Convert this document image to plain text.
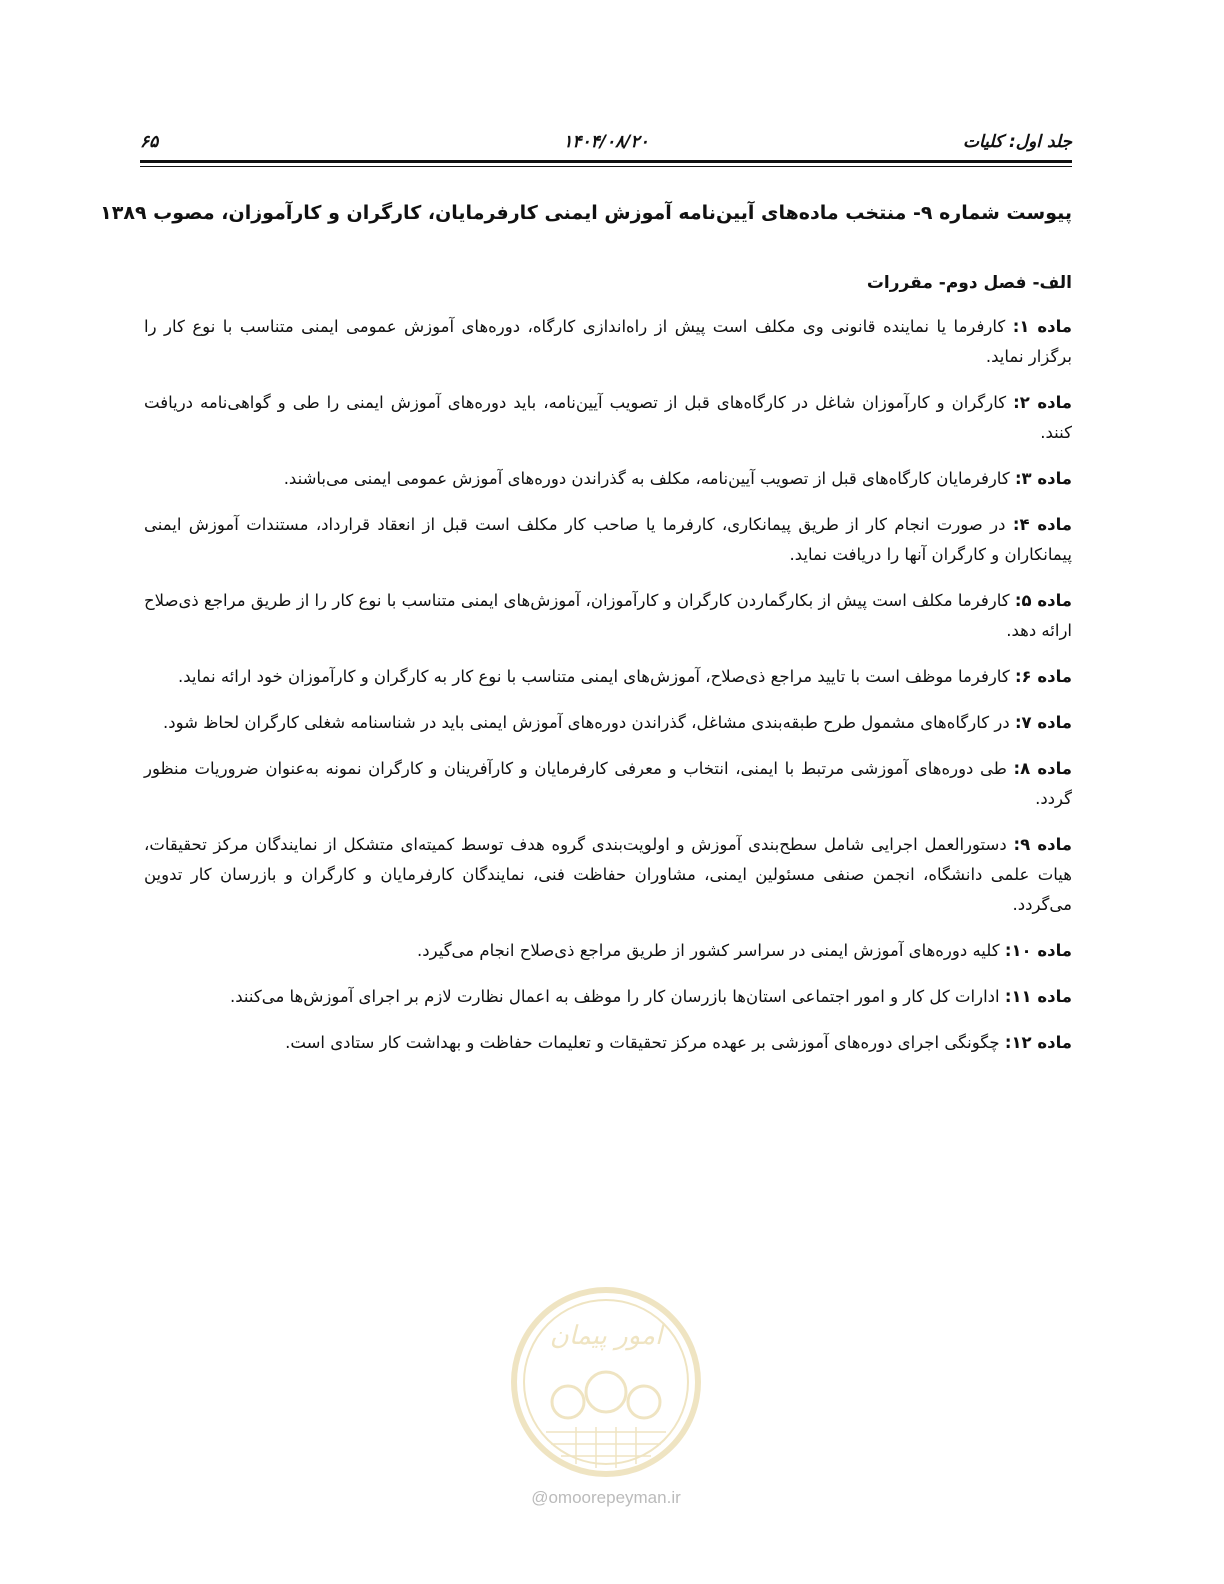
جلد اول: کلیات
۱۴۰۴/۰۸/۲۰
۶۵
پیوست شماره ۹- منتخب ماده‌های آیین‌نامه آموزش ایمنی کارفرمایان، کارگران و کارآموزان، مصوب ۱۳۸۹
الف- فصل دوم- مقررات
ماده ۱: کارفرما یا نماینده قانونی وی مکلف است پیش از راه‌اندازی کارگاه، دوره‌های آموزش عمومی ایمنی متناسب با نوع کار را برگزار نماید.
ماده ۲: کارگران و کارآموزان شاغل در کارگاه‌های قبل از تصویب آیین‌نامه، باید دوره‌های آموزش ایمنی را طی و گواهی‌نامه دریافت کنند.
ماده ۳: کارفرمایان کارگاه‌های قبل از تصویب آیین‌نامه، مکلف به گذراندن دوره‌های آموزش عمومی ایمنی می‌باشند.
ماده ۴: در صورت انجام کار از طریق پیمانکاری، کارفرما یا صاحب کار مکلف است قبل از انعقاد قرارداد، مستندات آموزش ایمنی پیمانکاران و کارگران آنها را دریافت نماید.
ماده ۵: کارفرما مکلف است پیش از بکارگماردن کارگران و کارآموزان، آموزش‌های ایمنی متناسب با نوع کار را از طریق مراجع ذی‌صلاح ارائه دهد.
ماده ۶: کارفرما موظف است با تایید مراجع ذی‌صلاح، آموزش‌های ایمنی متناسب با نوع کار به کارگران و کارآموزان خود ارائه نماید.
ماده ۷: در کارگاه‌های مشمول طرح طبقه‌بندی مشاغل، گذراندن دوره‌های آموزش ایمنی باید در شناسنامه شغلی کارگران لحاظ شود.
ماده ۸: طی دوره‌های آموزشی مرتبط با ایمنی، انتخاب و معرفی کارفرمایان و کارآفرینان و کارگران نمونه به‌عنوان ضروریات منظور گردد.
ماده ۹: دستورالعمل اجرایی شامل سطح‌بندی آموزش و اولویت‌بندی گروه هدف توسط کمیته‌ای متشکل از نمایندگان مرکز تحقیقات، هیات علمی دانشگاه، انجمن صنفی مسئولین ایمنی، مشاوران حفاظت فنی، نمایندگان کارفرمایان و کارگران و بازرسان کار تدوین می‌گردد.
ماده ۱۰: کلیه دوره‌های آموزش ایمنی در سراسر کشور از طریق مراجع ذی‌صلاح انجام می‌گیرد.
ماده ۱۱: ادارات کل کار و امور اجتماعی استان‌ها بازرسان کار را موظف به اعمال نظارت لازم بر اجرای آموزش‌ها می‌کنند.
ماده ۱۲: چگونگی اجرای دوره‌های آموزشی بر عهده مرکز تحقیقات و تعلیمات حفاظت و بهداشت کار ستادی است.
امور پیمان
@omoorepeyman.ir
